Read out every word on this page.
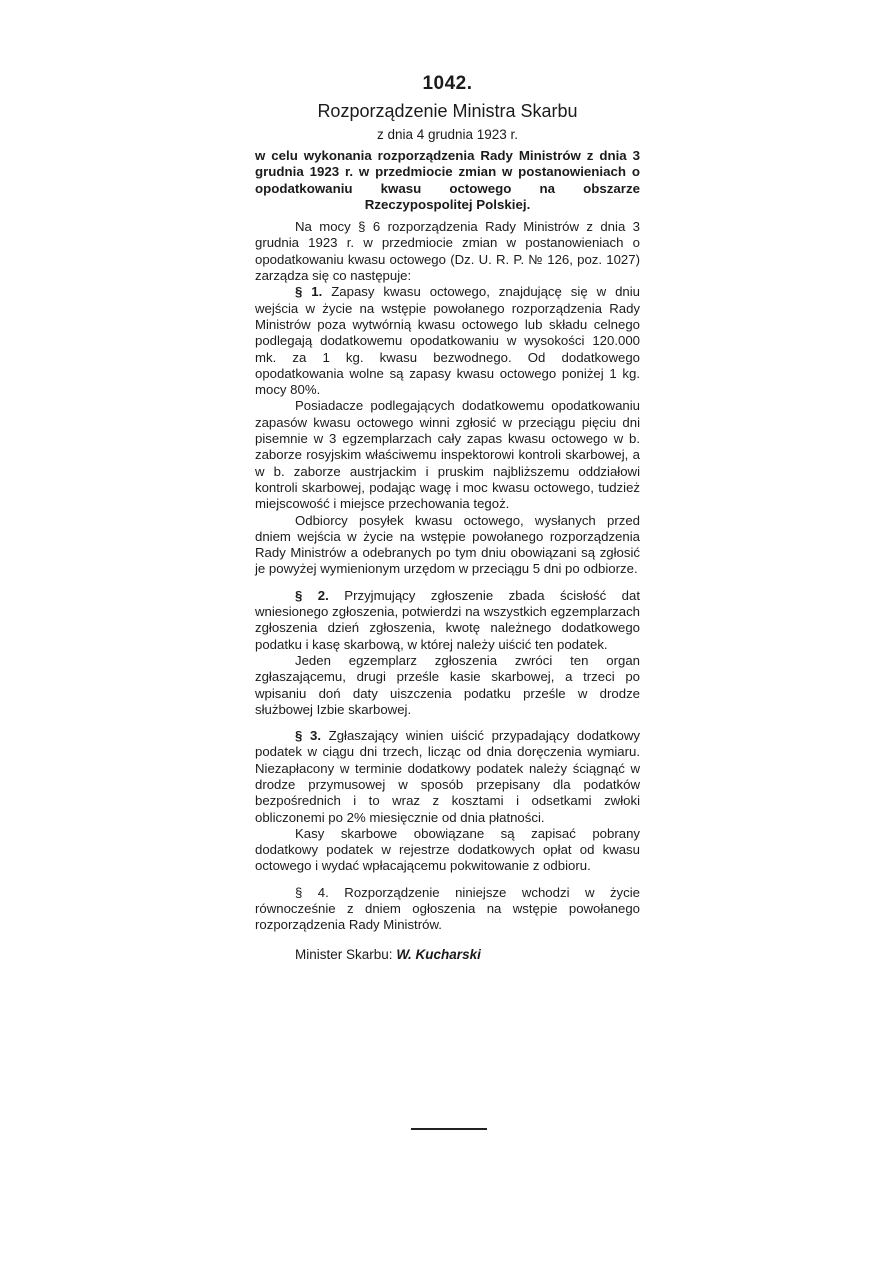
1042.
Rozporządzenie Ministra Skarbu
z dnia 4 grudnia 1923 r.
w celu wykonania rozporządzenia Rady Ministrów z dnia 3 grudnia 1923 r. w przedmiocie zmian w postanowieniach o opodatkowaniu kwasu octowego na obszarze Rzeczypospolitej Polskiej.

Na mocy § 6 rozporządzenia Rady Ministrów z dnia 3 grudnia 1923 r. w przedmiocie zmian w postanowieniach o opodatkowaniu kwasu octowego (Dz. U. R. P. № 126, poz. 1027) zarządza się co następuje:

§ 1. Zapasy kwasu octowego, znajdującę się w dniu wejścia w życie na wstępie powołanego rozporządzenia Rady Ministrów poza wytwórnią kwasu octowego lub składu celnego podlegają dodatkowemu opodatkowaniu w wysokości 120.000 mk. za 1 kg. kwasu bezwodnego. Od dodatkowego opodatkowania wolne są zapasy kwasu octowego poniżej 1 kg. mocy 80%.

Posiadacze podlegających dodatkowemu opodatkowaniu zapasów kwasu octowego winni zgłosić w przeciągu pięciu dni pisemnie w 3 egzemplarzach cały zapas kwasu octowego w b. zaborze rosyjskim właściwemu inspektorowi kontroli skarbowej, a w b. zaborze austrjackim i pruskim najbliższemu oddziałowi kontroli skarbowej, podając wagę i moc kwasu octowego, tudzież miejscowość i miejsce przechowania tegoż.

Odbiorcy posyłek kwasu octowego, wysłanych przed dniem wejścia w życie na wstępie powołanego rozporządzenia Rady Ministrów a odebranych po tym dniu obowiązani są zgłosić je powyżej wymienionym urzędom w przeciągu 5 dni po odbiorze.

§ 2. Przyjmujący zgłoszenie zbada ścisłość dat wniesionego zgłoszenia, potwierdzi na wszystkich egzemplarzach zgłoszenia dzień zgłoszenia, kwotę należnego dodatkowego podatku i kasę skarbową, w której należy uiścić ten podatek.

Jeden egzemplarz zgłoszenia zwróci ten organ zgłaszającemu, drugi prześle kasie skarbowej, a trzeci po wpisaniu doń daty uiszczenia podatku prześle w drodze służbowej Izbie skarbowej.

§ 3. Zgłaszający winien uiścić przypadający dodatkowy podatek w ciągu dni trzech, licząc od dnia doręczenia wymiaru. Niezapłacony w terminie dodatkowy podatek należy ściągnąć w drodze przymusowej w sposób przepisany dla podatków bezpośrednich i to wraz z kosztami i odsetkami zwłoki obliczonemi po 2% miesięcznie od dnia płatności.

Kasy skarbowe obowiązane są zapisać pobrany dodatkowy podatek w rejestrze dodatkowych opłat od kwasu octowego i wydać wpłacającemu pokwitowanie z odbioru.

§ 4. Rozporządzenie niniejsze wchodzi w życie równocześnie z dniem ogłoszenia na wstępie powołanego rozporządzenia Rady Ministrów.

Minister Skarbu: W. Kucharski
